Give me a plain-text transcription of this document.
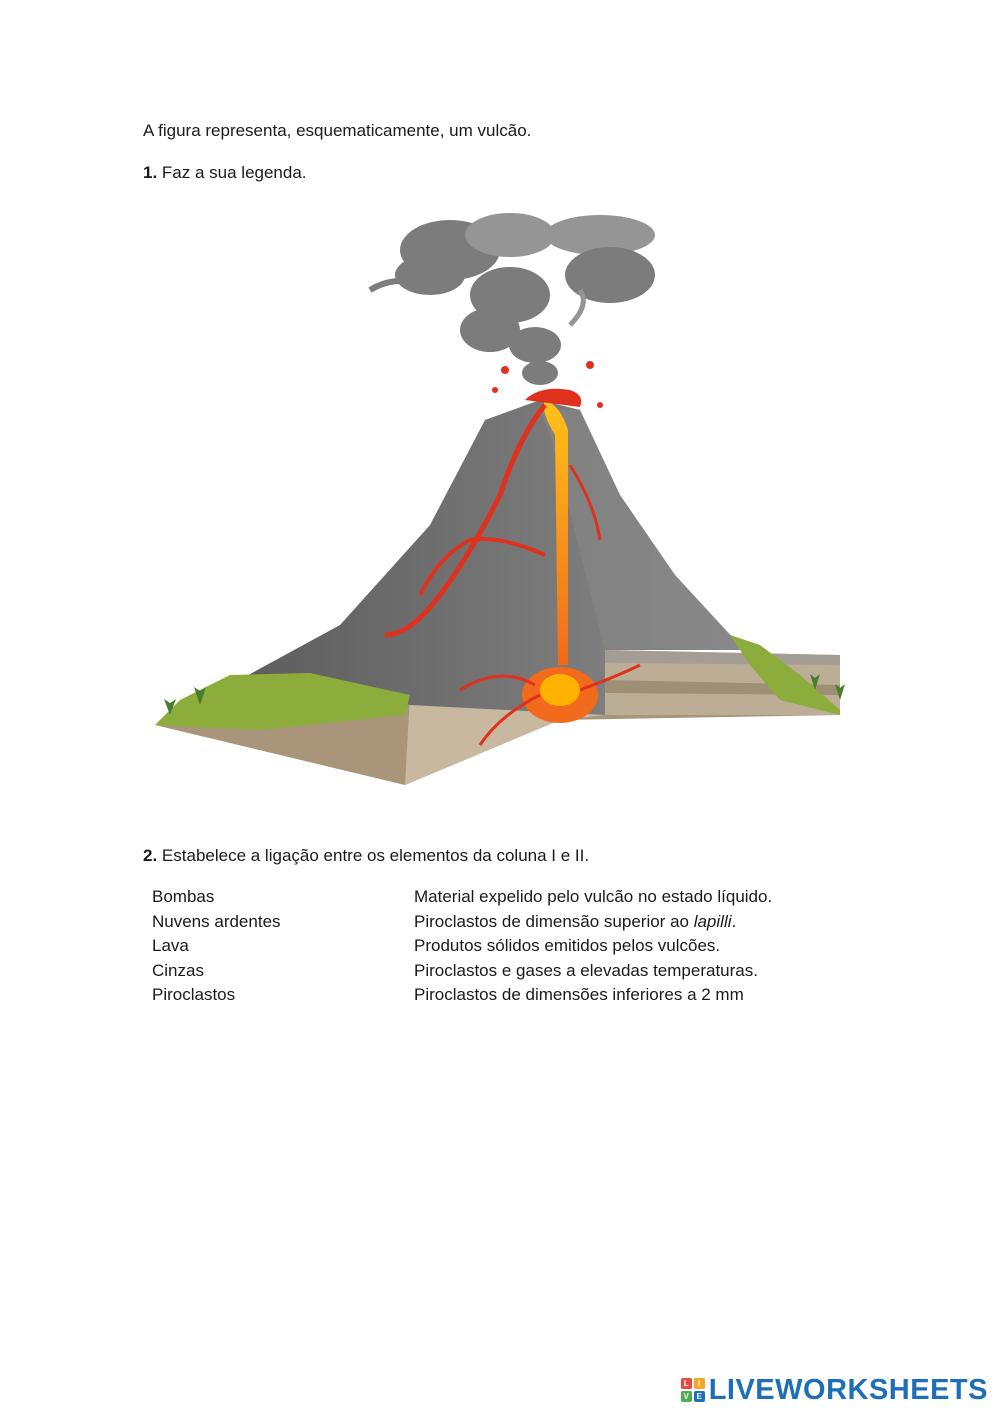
A figura representa, esquematicamente, um vulcão.

1. Faz a sua legenda.

2. Estabelece a ligação entre os elementos da coluna I e II.

Bombas	Material expelido pelo vulcão no estado líquido.
Nuvens ardentes	Piroclastos de dimensão superior ao lapilli.
Lava	Produtos sólidos emitidos pelos vulcões.
Cinzas	Piroclastos e gases a elevadas temperaturas.
Piroclastos	Piroclastos de dimensões inferiores a 2 mm
L	I
V E LIVEWORKSHEETS
